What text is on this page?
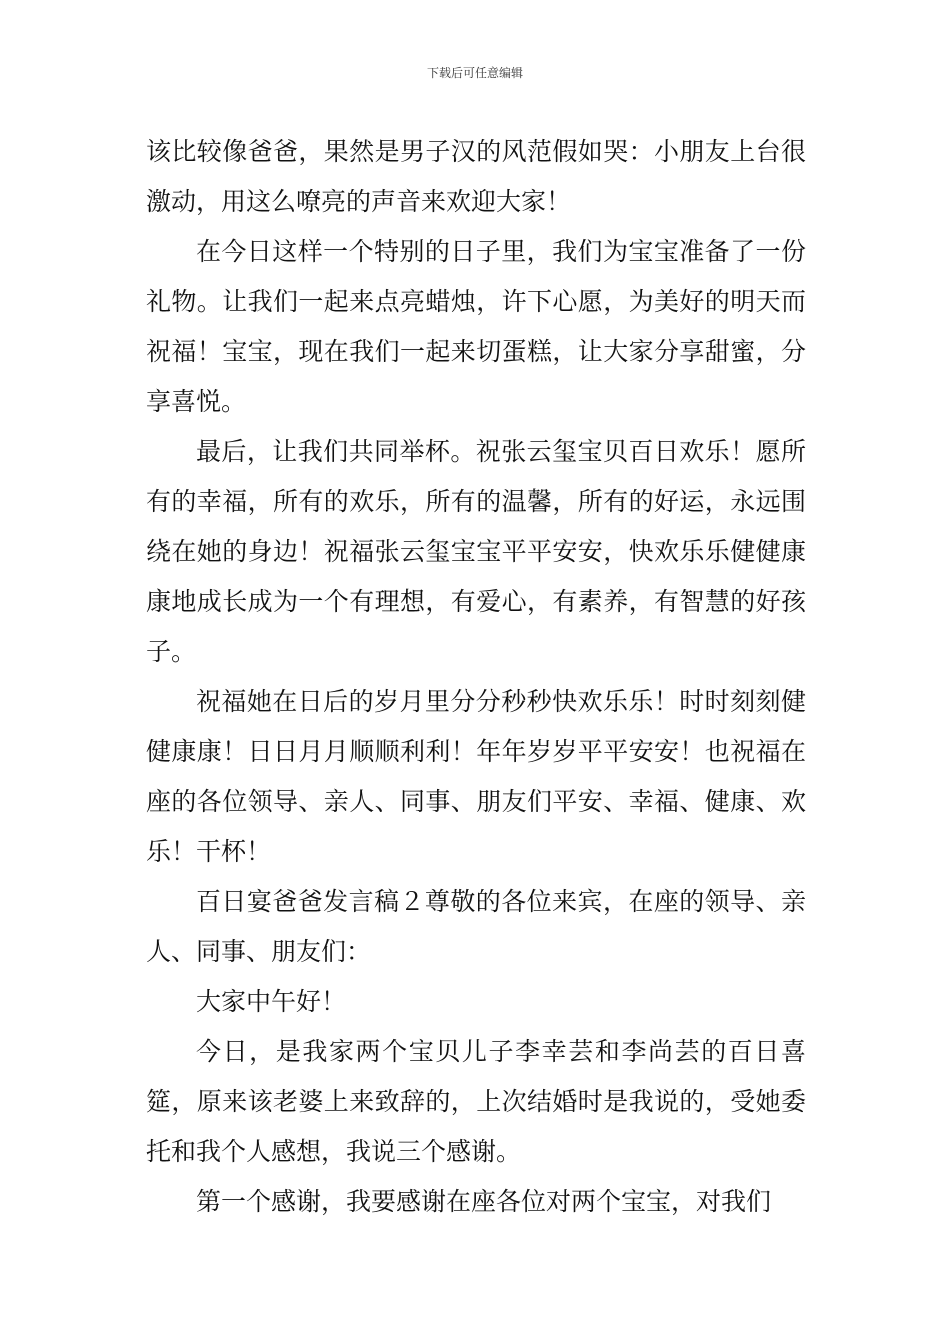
下载后可任意编辑

该比较像爸爸，果然是男子汉的风范假如哭：小朋友上台很激动，用这么嘹亮的声音来欢迎大家！

在今日这样一个特别的日子里，我们为宝宝准备了一份礼物。让我们一起来点亮蜡烛，许下心愿，为美好的明天而祝福！宝宝，现在我们一起来切蛋糕，让大家分享甜蜜，分享喜悦。

最后，让我们共同举杯。祝张云玺宝贝百日欢乐！愿所有的幸福，所有的欢乐，所有的温馨，所有的好运，永远围绕在她的身边！祝福张云玺宝宝平平安安，快欢乐乐健健康康地成长成为一个有理想，有爱心，有素养，有智慧的好孩子。

祝福她在日后的岁月里分分秒秒快欢乐乐！时时刻刻健健康康！日日月月顺顺利利！年年岁岁平平安安！也祝福在座的各位领导、亲人、同事、朋友们平安、幸福、健康、欢乐！干杯！

百日宴爸爸发言稿２尊敬的各位来宾，在座的领导、亲人、同事、朋友们：

大家中午好！

今日，是我家两个宝贝儿子李幸芸和李尚芸的百日喜筵，原来该老婆上来致辞的，上次结婚时是我说的，受她委托和我个人感想，我说三个感谢。

第一个感谢，我要感谢在座各位对两个宝宝，对我们
